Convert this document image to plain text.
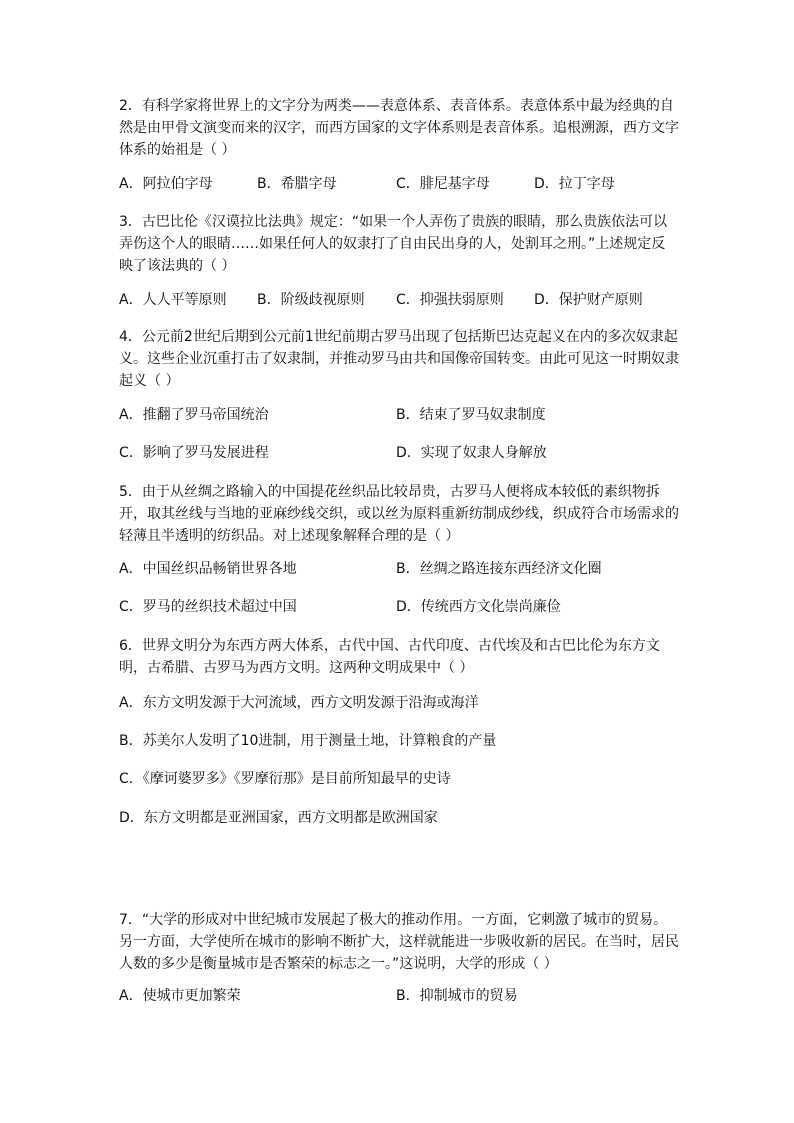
2．有科学家将世界上的文字分为两类——表意体系、表音体系。表意体系中最为经典的自然是由甲骨文演变而来的汉字，而西方国家的文字体系则是表音体系。追根溯源，西方文字体系的始祖是（ ）
A．阿拉伯字母	B．希腊字母	C．腓尼基字母	D．拉丁字母
3．古巴比伦《汉谟拉比法典》规定：“如果一个人弄伤了贵族的眼睛，那么贵族依法可以弄伤这个人的眼睛……如果任何人的奴隶打了自由民出身的人，处割耳之刑。”上述规定反映了该法典的（ ）
A．人人平等原则 B．阶级歧视原则 C．抑强扶弱原则 D．保护财产原则
4．公元前2世纪后期到公元前1世纪前期古罗马出现了包括斯巴达克起义在内的多次奴隶起义。这些企业沉重打击了奴隶制，并推动罗马由共和国像帝国转变。由此可见这一时期奴隶起义（ ）
A．推翻了罗马帝国统治	B．结束了罗马奴隶制度
C．影响了罗马发展进程	D．实现了奴隶人身解放
5．由于从丝绸之路输入的中国提花丝织品比较昂贵，古罗马人便将成本较低的素织物拆开，取其丝线与当地的亚麻纱线交织，或以丝为原料重新纺制成纱线，织成符合市场需求的轻薄且半透明的纺织品。对上述现象解释合理的是（ ）
A．中国丝织品畅销世界各地	B．丝绸之路连接东西经济文化圈
C．罗马的丝织技术超过中国	D．传统西方文化崇尚廉俭
6．世界文明分为东西方两大体系，古代中国、古代印度、古代埃及和古巴比伦为东方文明，古希腊、古罗马为西方文明。这两种文明成果中（ ）
A．东方文明发源于大河流域，西方文明发源于沿海或海洋
B．苏美尔人发明了10进制，用于测量土地，计算粮食的产量
C．《摩诃婆罗多》《罗摩衍那》是目前所知最早的史诗
D．东方文明都是亚洲国家，西方文明都是欧洲国家
7．“大学的形成对中世纪城市发展起了极大的推动作用。一方面，它刺激了城市的贸易。另一方面，大学使所在城市的影响不断扩大，这样就能进一步吸收新的居民。在当时，居民人数的多少是衡量城市是否繁荣的标志之一。”这说明，大学的形成（ ）
A．使城市更加繁荣	B．抑制城市的贸易
